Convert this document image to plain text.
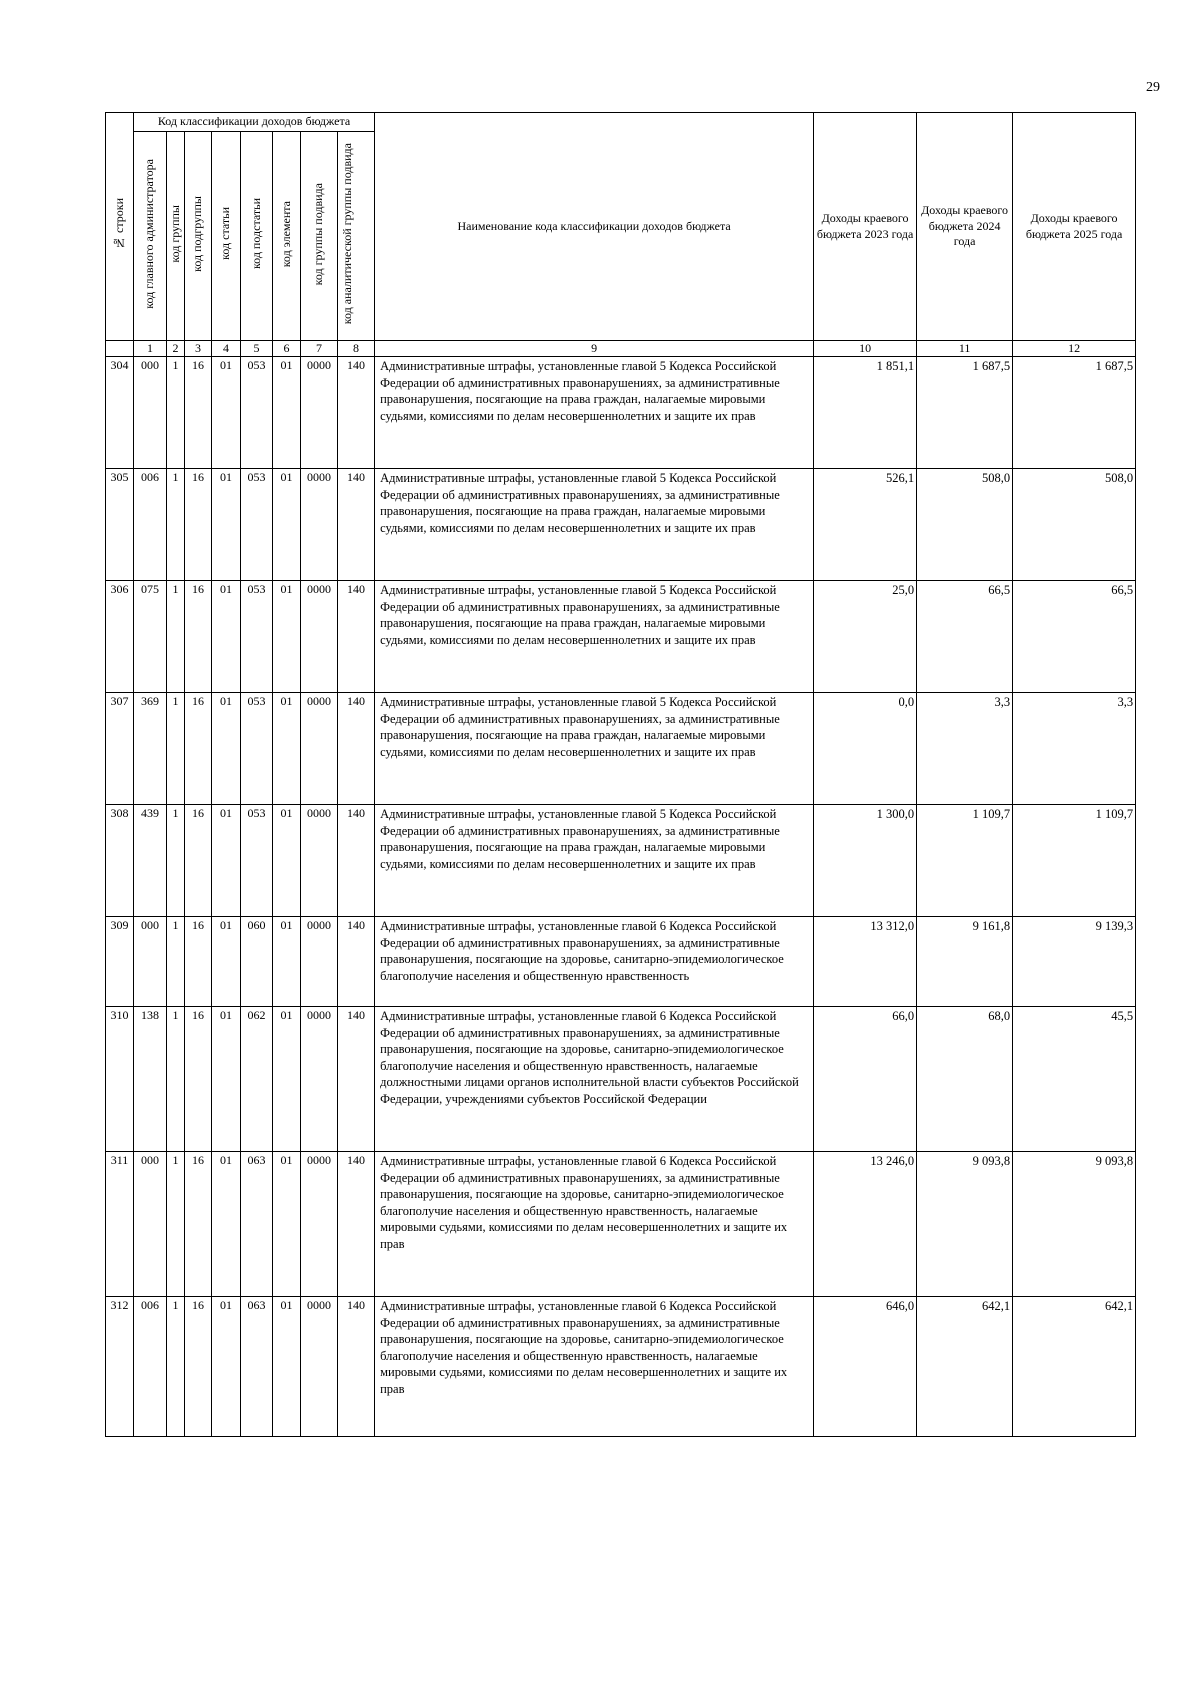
29
№ строки	Код классификации доходов бюджета								Наименование кода классификации доходов бюджета	Доходы краевого бюджета 2023 года	Доходы краевого бюджета 2024 года	Доходы краевого бюджета 2025 года
	код главного администратора	код группы	код подгруппы	код статьи	код подстатьи	код элемента	код группы подвида	код аналитической группы подвида				
	1	2	3	4	5	6	7	8	9	10	11	12
304	000	1	16	01	053	01	0000	140	Административные штрафы, установленные главой 5 Кодекса Российской Федерации об административных правонарушениях, за административные правонарушения, посягающие на права граждан, налагаемые мировыми судьями, комиссиями по делам несовершеннолетних и защите их прав	1 851,1	1 687,5	1 687,5
305	006	1	16	01	053	01	0000	140	Административные штрафы, установленные главой 5 Кодекса Российской Федерации об административных правонарушениях, за административные правонарушения, посягающие на права граждан, налагаемые мировыми судьями, комиссиями по делам несовершеннолетних и защите их прав	526,1	508,0	508,0
306	075	1	16	01	053	01	0000	140	Административные штрафы, установленные главой 5 Кодекса Российской Федерации об административных правонарушениях, за административные правонарушения, посягающие на права граждан, налагаемые мировыми судьями, комиссиями по делам несовершеннолетних и защите их прав	25,0	66,5	66,5
307	369	1	16	01	053	01	0000	140	Административные штрафы, установленные главой 5 Кодекса Российской Федерации об административных правонарушениях, за административные правонарушения, посягающие на права граждан, налагаемые мировыми судьями, комиссиями по делам несовершеннолетних и защите их прав	0,0	3,3	3,3
308	439	1	16	01	053	01	0000	140	Административные штрафы, установленные главой 5 Кодекса Российской Федерации об административных правонарушениях, за административные правонарушения, посягающие на права граждан, налагаемые мировыми судьями, комиссиями по делам несовершеннолетних и защите их прав	1 300,0	1 109,7	1 109,7
309	000	1	16	01	060	01	0000	140	Административные штрафы, установленные главой 6 Кодекса Российской Федерации об административных правонарушениях, за административные правонарушения, посягающие на здоровье, санитарно-эпидемиологическое благополучие населения и общественную нравственность	13 312,0	9 161,8	9 139,3
310	138	1	16	01	062	01	0000	140	Административные штрафы, установленные главой 6 Кодекса Российской Федерации об административных правонарушениях, за административные правонарушения, посягающие на здоровье, санитарно-эпидемиологическое благополучие населения и общественную нравственность, налагаемые должностными лицами органов исполнительной власти субъектов Российской Федерации, учреждениями субъектов Российской Федерации	66,0	68,0	45,5
311	000	1	16	01	063	01	0000	140	Административные штрафы, установленные главой 6 Кодекса Российской Федерации об административных правонарушениях, за административные правонарушения, посягающие на здоровье, санитарно-эпидемиологическое благополучие населения и общественную нравственность, налагаемые мировыми судьями, комиссиями по делам несовершеннолетних и защите их прав	13 246,0	9 093,8	9 093,8
312	006	1	16	01	063	01	0000	140	Административные штрафы, установленные главой 6 Кодекса Российской Федерации об административных правонарушениях, за административные правонарушения, посягающие на здоровье, санитарно-эпидемиологическое благополучие населения и общественную нравственность, налагаемые мировыми судьями, комиссиями по делам несовершеннолетних и защите их прав	646,0	642,1	642,1
